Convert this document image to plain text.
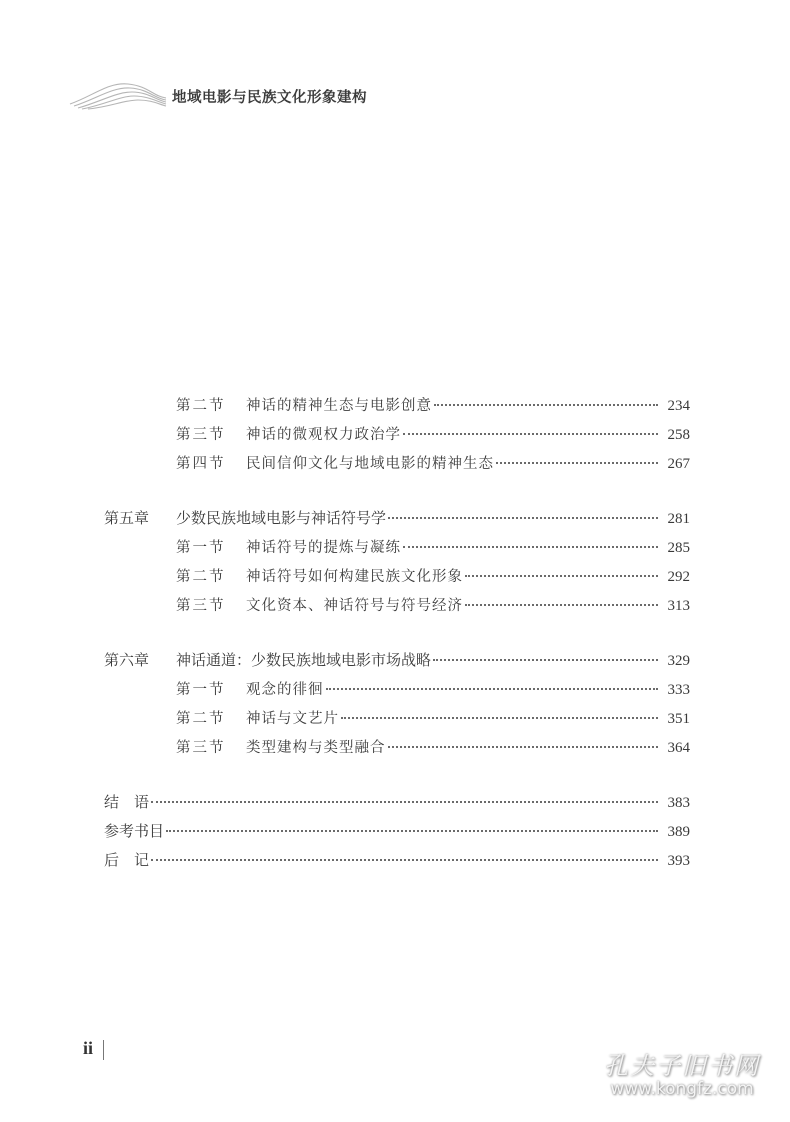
地域电影与民族文化形象建构
第二节	神话的精神生态与电影创意	234
第三节	神话的微观权力政治学	258
第四节	民间信仰文化与地域电影的精神生态	267
第五章	少数民族地域电影与神话符号学	281
第一节	神话符号的提炼与凝练	285
第二节	神话符号如何构建民族文化形象	292
第三节	文化资本、神话符号与符号经济	313
第六章	神话通道：少数民族地域电影市场战略	329
第一节	观念的徘徊	333
第二节	神话与文艺片	351
第三节	类型建构与类型融合	364
结　语	383
参考书目	389
后　记	393
ii
孔夫子旧书网
www.kongfz.com
